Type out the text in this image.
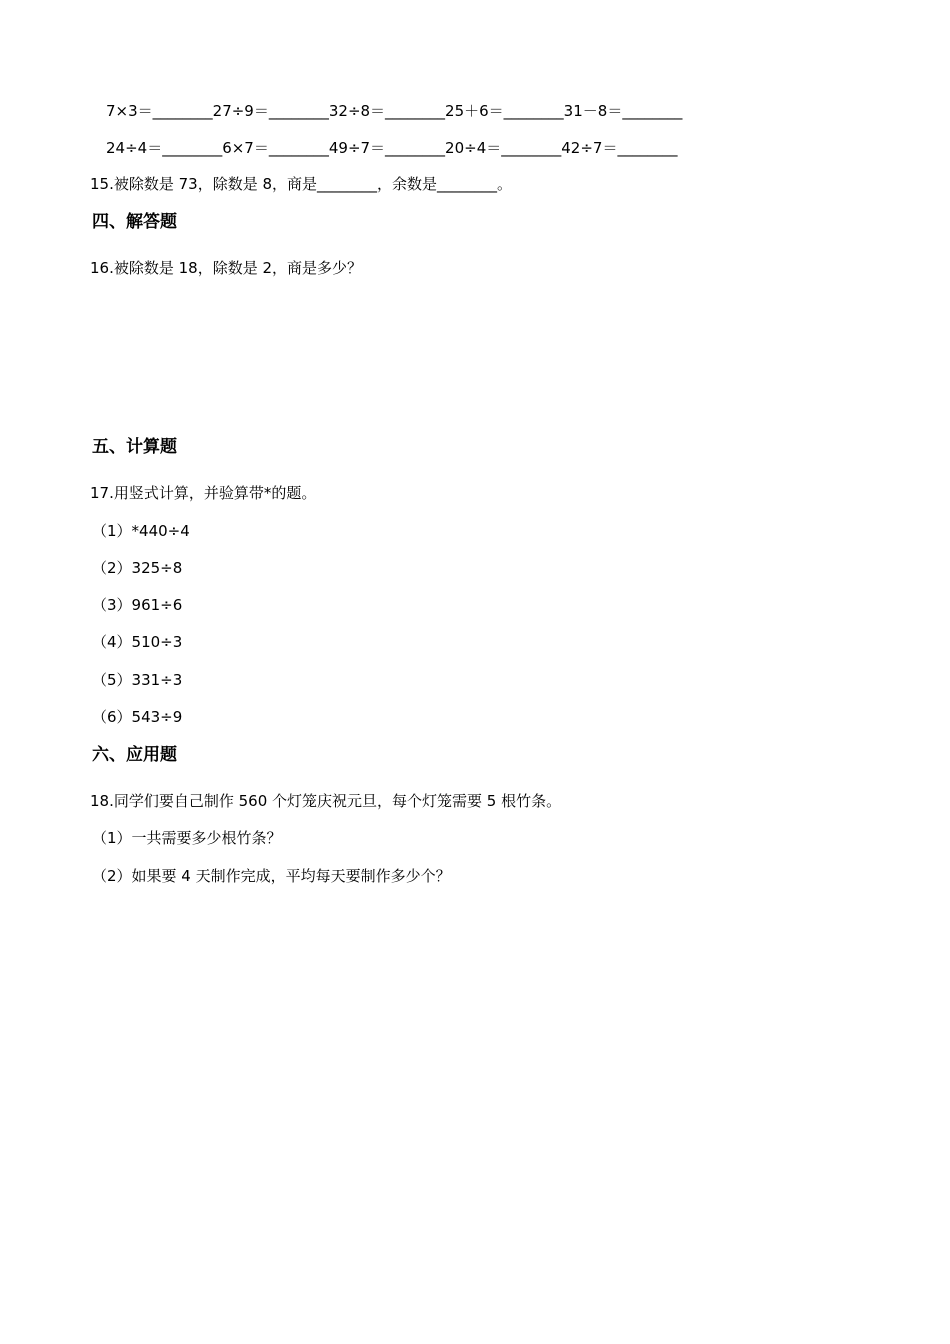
7×3＝________27÷9＝________32÷8＝________25＋6＝________31－8＝________
24÷4＝________6×7＝________49÷7＝________20÷4＝________42÷7＝________
15.被除数是 73，除数是 8，商是________，余数是________。
四、解答题
16.被除数是 18，除数是 2，商是多少？
五、计算题
17.用竖式计算，并验算带*的题。
（1）*440÷4
（2）325÷8
（3）961÷6
（4）510÷3
（5）331÷3
（6）543÷9
六、应用题
18.同学们要自己制作 560 个灯笼庆祝元旦，每个灯笼需要 5 根竹条。
（1）一共需要多少根竹条？
（2）如果要 4 天制作完成，平均每天要制作多少个？
